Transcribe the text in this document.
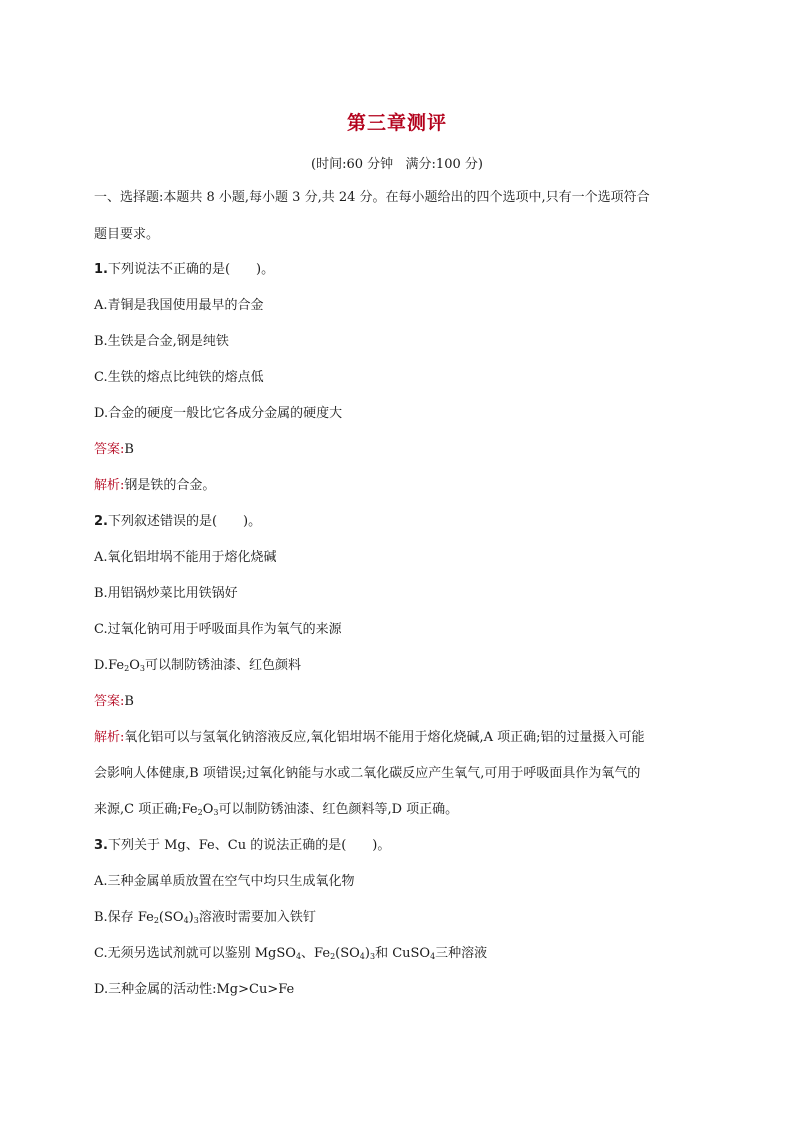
第三章测评
(时间:60 分钟   满分:100 分)
一、选择题:本题共 8 小题,每小题 3 分,共 24 分。在每小题给出的四个选项中,只有一个选项符合
题目要求。
1.下列说法不正确的是(　　)。
A.青铜是我国使用最早的合金
B.生铁是合金,钢是纯铁
C.生铁的熔点比纯铁的熔点低
D.合金的硬度一般比它各成分金属的硬度大
答案:B
解析:钢是铁的合金。
2.下列叙述错误的是(　　)。
A.氧化铝坩埚不能用于熔化烧碱
B.用铝锅炒菜比用铁锅好
C.过氧化钠可用于呼吸面具作为氧气的来源
$D.Fe_2O_3$可以制防锈油漆、红色颜料
答案:B
解析:氧化铝可以与氢氧化钠溶液反应,氧化铝坩埚不能用于熔化烧碱,A 项正确;铝的过量摄入可能
会影响人体健康,B 项错误;过氧化钠能与水或二氧化碳反应产生氧气,可用于呼吸面具作为氧气的
来源,C 项正确$;Fe_2O_3$可以制防锈油漆、红色颜料等,D 项正确。
3.下列关于 Mg、Fe、Cu 的说法正确的是(　　)。
A.三种金属单质放置在空气中均只生成氧化物
B.保存 $Fe_2(SO_4)_3$溶液时需要加入铁钉
C.无须另选试剂就可以鉴别 MgSO$_4$、$Fe_2(SO_4)_3$和 CuSO$_4$三种溶液
D.三种金属的活动性:Mg>Cu>Fe
